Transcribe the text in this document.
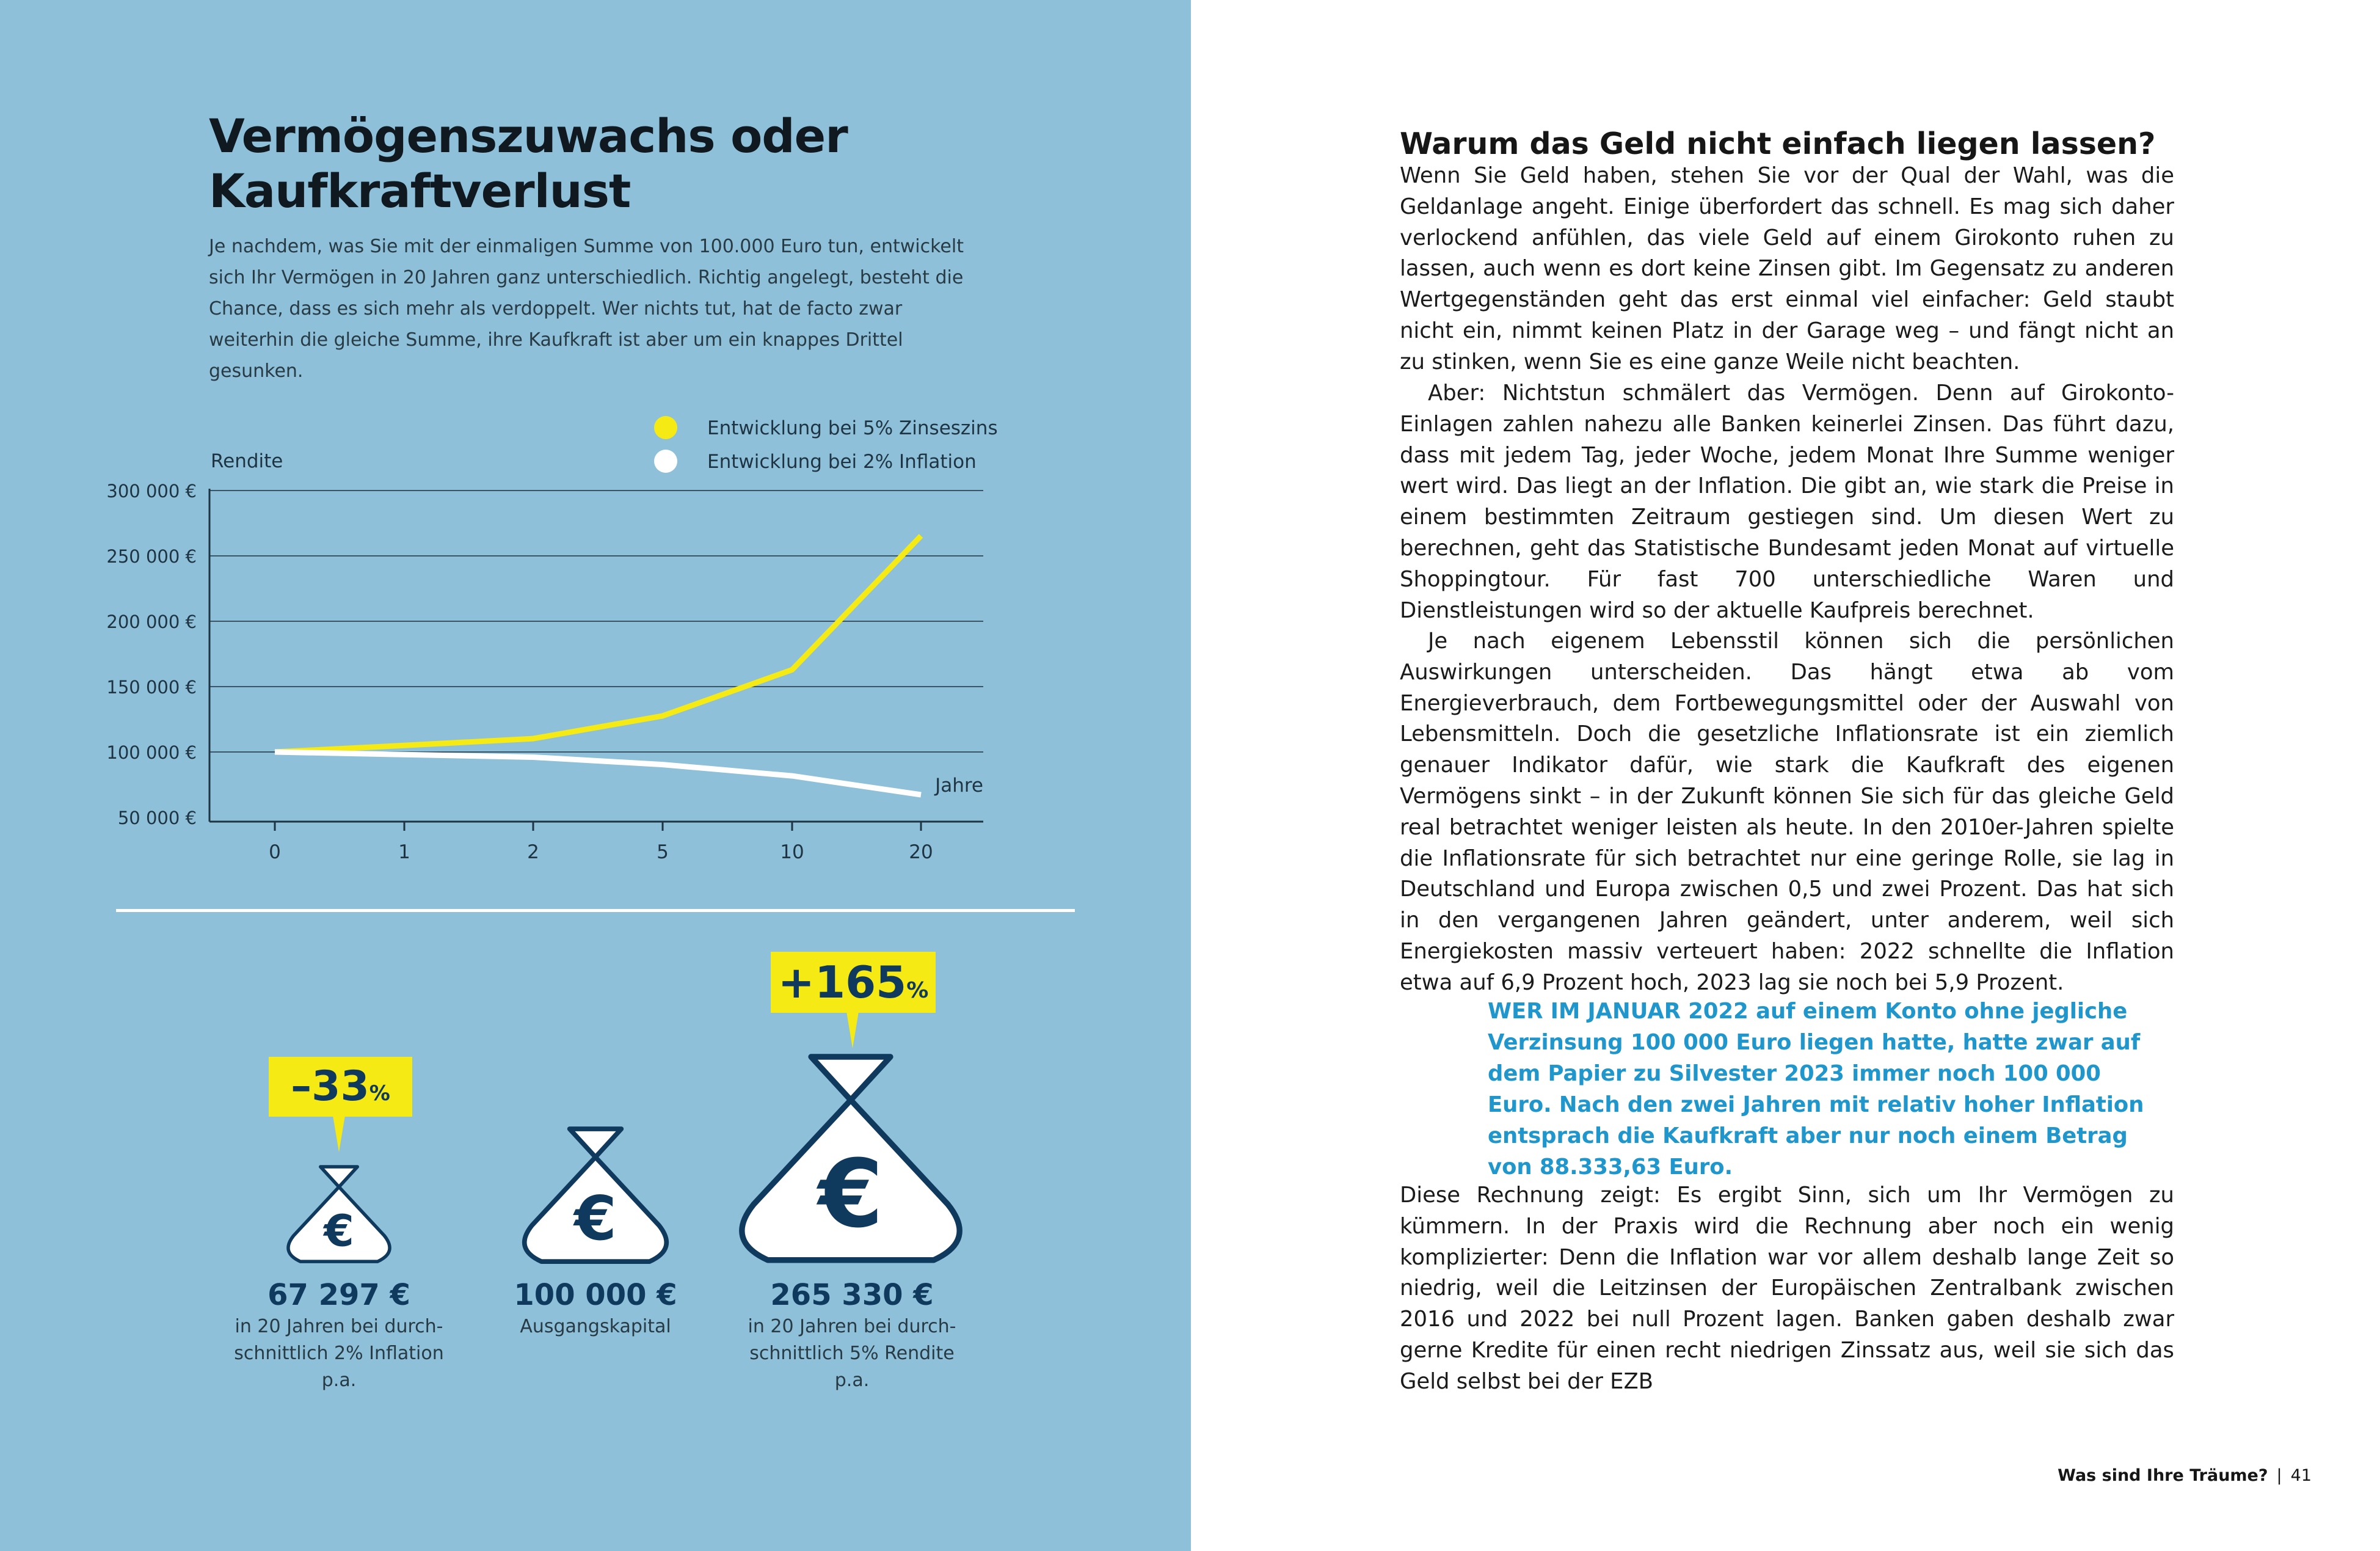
Vermögenszuwachs oder
Kaufkraftverlust
Je nachdem, was Sie mit der einmaligen Summe von 100.000 Euro tun, entwickelt sich Ihr Vermögen in 20 Jahren ganz unterschiedlich. Richtig angelegt, besteht die Chance, dass es sich mehr als verdoppelt. Wer nichts tut, hat de facto zwar weiterhin die gleiche Summe, ihre Kaufkraft ist aber um ein knappes Drittel gesunken.
300 000 €
250 000 €
200 000 €
150 000 €
100 000 €
50 000 €
0	1	2	5	10	20
Rendite
Jahre
Entwicklung bei 5% Zinseszins
Entwicklung bei 2% Inflation
–33%
+165%
€	€	€
67 297 €
in 20 Jahren bei durch-
schnittlich 2% Inflation p.a.
100 000 €
Ausgangskapital
265 330 €
in 20 Jahren bei durch-
schnittlich 5% Rendite p.a.
Warum das Geld nicht einfach liegen lassen?

Wenn Sie Geld haben, stehen Sie vor der Qual der Wahl, was die Geldanlage angeht. Einige überfordert das schnell. Es mag sich daher verlockend anfühlen, das viele Geld auf einem Girokonto ruhen zu lassen, auch wenn es dort keine Zinsen gibt. Im Gegensatz zu anderen Wertgegenständen geht das erst einmal viel einfacher: Geld staubt nicht ein, nimmt keinen Platz in der Garage weg – und fängt nicht an zu stinken, wenn Sie es eine ganze Weile nicht beachten.

Aber: Nichtstun schmälert das Vermögen. Denn auf Girokonto-Einlagen zahlen nahezu alle Banken keinerlei Zinsen. Das führt dazu, dass mit jedem Tag, jeder Woche, jedem Monat Ihre Summe weniger wert wird. Das liegt an der Inflation. Die gibt an, wie stark die Preise in einem bestimmten Zeitraum gestiegen sind. Um diesen Wert zu berechnen, geht das Statistische Bundesamt jeden Monat auf virtuelle Shoppingtour. Für fast 700 unterschiedliche Waren und Dienstleistungen wird so der aktuelle Kaufpreis berechnet.

Je nach eigenem Lebensstil können sich die persönlichen Auswirkungen unterscheiden. Das hängt etwa ab vom Energieverbrauch, dem Fortbewegungsmittel oder der Auswahl von Lebensmitteln. Doch die gesetzliche Inflationsrate ist ein ziemlich genauer Indikator dafür, wie stark die Kaufkraft des eigenen Vermögens sinkt – in der Zukunft können Sie sich für das gleiche Geld real betrachtet weniger leisten als heute. In den 2010er-Jahren spielte die Inflationsrate für sich betrachtet nur eine geringe Rolle, sie lag in Deutschland und Europa zwischen 0,5 und zwei Prozent. Das hat sich in den vergangenen Jahren geändert, unter anderem, weil sich Energiekosten massiv verteuert haben: 2022 schnellte die Inflation etwa auf 6,9 Prozent hoch, 2023 lag sie noch bei 5,9 Prozent.

WER IM JANUAR 2022 auf einem Konto ohne jegliche Verzinsung 100 000 Euro liegen hatte, hatte zwar auf dem Papier zu Silvester 2023 immer noch 100 000 Euro. Nach den zwei Jahren mit relativ hoher Inflation entsprach die Kaufkraft aber nur noch einem Betrag von 88.333,63 Euro.

Diese Rechnung zeigt: Es ergibt Sinn, sich um Ihr Vermögen zu kümmern. In der Praxis wird die Rechnung aber noch ein wenig komplizierter: Denn die Inflation war vor allem deshalb lange Zeit so niedrig, weil die Leitzinsen der Europäischen Zentralbank zwischen 2016 und 2022 bei null Prozent lagen. Banken gaben deshalb zwar gerne Kredite für einen recht niedrigen Zinssatz aus, weil sie sich das Geld selbst bei der EZB

Was sind Ihre Träume? | 41
